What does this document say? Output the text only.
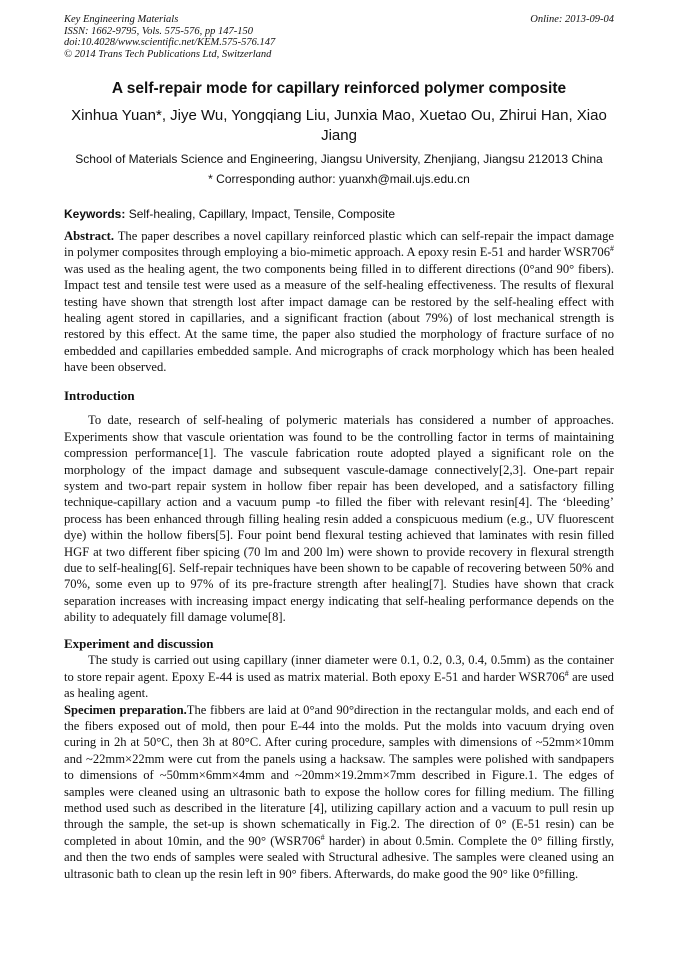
Key Engineering Materials
ISSN: 1662-9795, Vols. 575-576, pp 147-150
doi:10.4028/www.scientific.net/KEM.575-576.147
© 2014 Trans Tech Publications Ltd, Switzerland
Online: 2013-09-04
A self-repair mode for capillary reinforced polymer composite
Xinhua Yuan*, Jiye Wu, Yongqiang Liu, Junxia Mao, Xuetao Ou, Zhirui Han, Xiao Jiang
School of Materials Science and Engineering, Jiangsu University, Zhenjiang, Jiangsu 212013 China
* Corresponding author: yuanxh@mail.ujs.edu.cn
Keywords: Self-healing, Capillary, Impact, Tensile, Composite

Abstract. The paper describes a novel capillary reinforced plastic which can self-repair the impact damage in polymer composites through employing a bio-mimetic approach. A epoxy resin E-51 and harder WSR706# was used as the healing agent, the two components being filled in to different directions (0°and 90° fibers). Impact test and tensile test were used as a measure of the self-healing effectiveness. The results of flexural testing have shown that strength lost after impact damage can be restored by the self-healing effect with healing agent stored in capillaries, and a significant fraction (about 79%) of lost mechanical strength is restored by this effect. At the same time, the paper also studied the morphology of fracture surface of no embedded and capillaries embedded sample. And micrographs of crack morphology which has been healed have been observed.

Introduction

To date, research of self-healing of polymeric materials has considered a number of approaches. Experiments show that vascule orientation was found to be the controlling factor in terms of maintaining compression performance[1]. The vascule fabrication route adopted played a significant role on the morphology of the impact damage and subsequent vascule-damage connectively[2,3]. One-part repair system and two-part repair system in hollow fiber repair has been developed, and a satisfactory filling technique-capillary action and a vacuum pump -to filled the fiber with relevant resin[4]. The ‘bleeding’ process has been enhanced through filling healing resin added a conspicuous medium (e.g., UV fluorescent dye) within the hollow fibers[5]. Four point bend flexural testing achieved that laminates with resin filled HGF at two different fiber spicing (70 lm and 200 lm) were shown to provide recovery in flexural strength due to self-healing[6]. Self-repair techniques have been shown to be capable of recovering between 50% and 70%, some even up to 97% of its pre-fracture strength after healing[7]. Studies have shown that crack separation increases with increasing impact energy indicating that self-healing performance depends on the ability to adequately fill damage volume[8].

Experiment and discussion

The study is carried out using capillary (inner diameter were 0.1, 0.2, 0.3, 0.4, 0.5mm) as the container to store repair agent. Epoxy E-44 is used as matrix material. Both epoxy E-51 and harder WSR706# are used as healing agent.

Specimen preparation.The fibbers are laid at 0°and 90°direction in the rectangular molds, and each end of the fibers exposed out of mold, then pour E-44 into the molds. Put the molds into vacuum drying oven curing in 2h at 50°C, then 3h at 80°C. After curing procedure, samples with dimensions of ~52mm×10mm and ~22mm×22mm were cut from the panels using a hacksaw. The samples were polished with sandpapers to dimensions of ~50mm×6mm×4mm and ~20mm×19.2mm×7mm described in Figure.1. The edges of samples were cleaned using an ultrasonic bath to expose the hollow cores for filling medium. The filling method used such as described in the literature [4], utilizing capillary action and a vacuum to pull resin up through the sample, the set-up is shown schematically in Fig.2. The direction of 0° (E-51 resin) can be completed in about 10min, and the 90° (WSR706# harder) in about 0.5min. Complete the 0° filling firstly, and then the two ends of samples were sealed with Structural adhesive. The samples were cleaned using an ultrasonic bath to clean up the resin left in 90° fibers. Afterwards, do make good the 90° like 0°filling.
